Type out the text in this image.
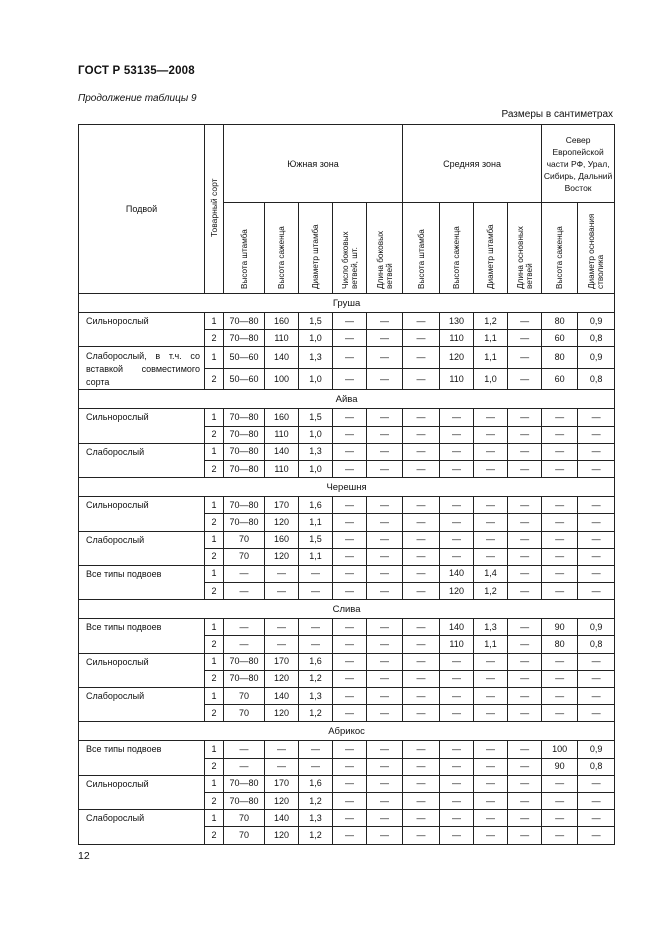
ГОСТ Р 53135—2008
Продолжение таблицы 9
Размеры в сантиметрах
Подвой	Товарный сорт	Южная зона					Средняя зона				Север Европейской части РФ, Урал, Сибирь, Дальний Восток	
		Высота штамба	Высота саженца	Диаметр штамба	Число боковых ветвей, шт.	Длина боковых ветвей	Высота штамба	Высота саженца	Диаметр штамба	Длина основных ветвей	Высота саженца	Диаметр основания стволика
Груша												
Сильнорослый	1	70—80	160	1,5	—	—	—	130	1,2	—	80	0,9
	2	70—80	110	1,0	—	—	—	110	1,1	—	60	0,8
Слаборослый, в т.ч. со вставкой совместимого сорта	1	50—60	140	1,3	—	—	—	120	1,1	—	80	0,9
	2	50—60	100	1,0	—	—	—	110	1,0	—	60	0,8
Айва												
Сильнорослый	1	70—80	160	1,5	—	—	—	—	—	—	—	—
	2	70—80	110	1,0	—	—	—	—	—	—	—	—
Слаборослый	1	70—80	140	1,3	—	—	—	—	—	—	—	—
	2	70—80	110	1,0	—	—	—	—	—	—	—	—
Черешня												
Сильнорослый	1	70—80	170	1,6	—	—	—	—	—	—	—	—
	2	70—80	120	1,1	—	—	—	—	—	—	—	—
Слаборослый	1	70	160	1,5	—	—	—	—	—	—	—	—
	2	70	120	1,1	—	—	—	—	—	—	—	—
Все типы подвоев	1	—	—	—	—	—	—	140	1,4	—	—	—
	2	—	—	—	—	—	—	120	1,2	—	—	—
Слива												
Все типы подвоев	1	—	—	—	—	—	—	140	1,3	—	90	0,9
	2	—	—	—	—	—	—	110	1,1	—	80	0,8
Сильнорослый	1	70—80	170	1,6	—	—	—	—	—	—	—	—
	2	70—80	120	1,2	—	—	—	—	—	—	—	—
Слаборослый	1	70	140	1,3	—	—	—	—	—	—	—	—
	2	70	120	1,2	—	—	—	—	—	—	—	—
Абрикос												
Все типы подвоев	1	—	—	—	—	—	—	—	—	—	100	0,9
	2	—	—	—	—	—	—	—	—	—	90	0,8
Сильнорослый	1	70—80	170	1,6	—	—	—	—	—	—	—	—
	2	70—80	120	1,2	—	—	—	—	—	—	—	—
Слаборослый	1	70	140	1,3	—	—	—	—	—	—	—	—
	2	70	120	1,2	—	—	—	—	—	—	—	—
12
